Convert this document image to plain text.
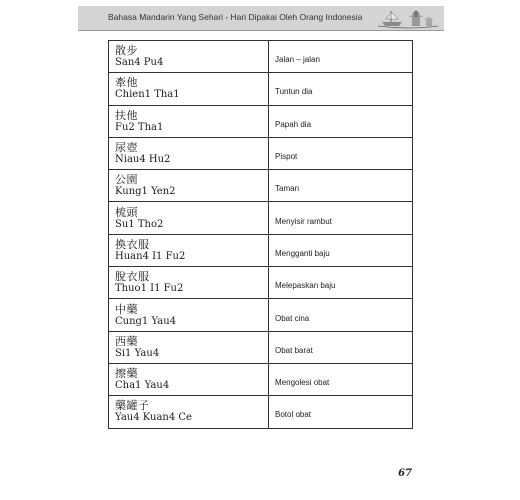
Bahasa Mandarin Yang Sehari - Hari Dipakai Oleh Orang Indonesia
散步
San4 Pu4	Jalan – jalan

牽他
Chien1 Tha1	Tuntun dia

扶他
Fu2 Tha1	Papah dia

尿壺
Niau4 Hu2	Pispot

公園
Kung1 Yen2	Taman

梳頭
Su1 Tho2	Menyisir rambut

換衣服
Huan4 I1 Fu2	Mengganti baju

脫衣服
Thuo1 I1 Fu2	Melepaskan baju

中藥
Cung1 Yau4	Obat cina

西藥
Si1 Yau4	Obat barat

擦藥
Cha1 Yau4	Mengolesi obat

藥罐子
Yau4 Kuan4 Ce	Botol obat
67
